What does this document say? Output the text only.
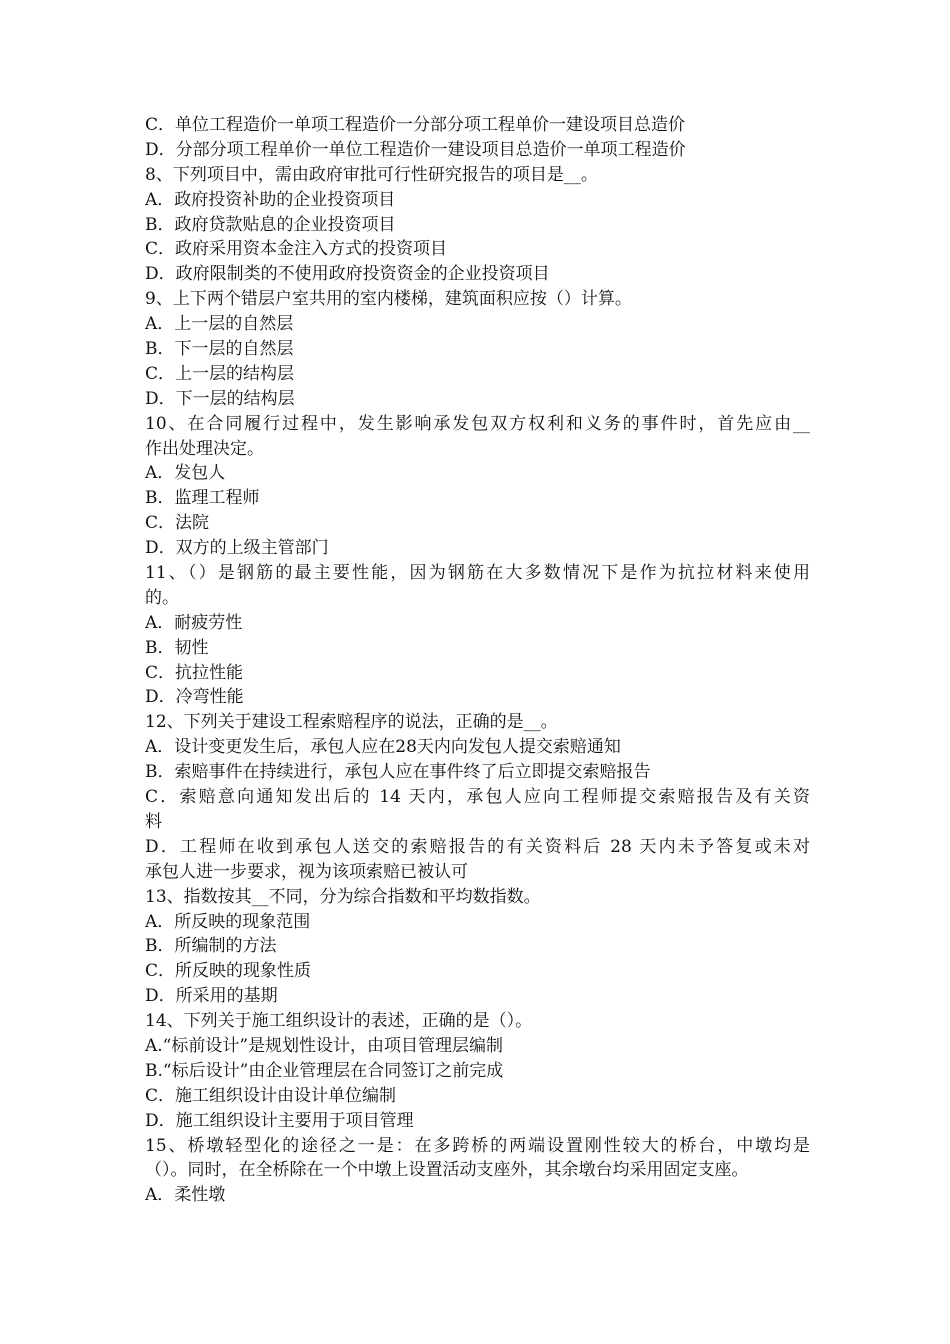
C．单位工程造价一单项工程造价一分部分项工程单价一建设项目总造价
D．分部分项工程单价一单位工程造价一建设项目总造价一单项工程造价
8、下列项目中，需由政府审批可行性研究报告的项目是__。
A．政府投资补助的企业投资项目
B．政府贷款贴息的企业投资项目
C．政府采用资本金注入方式的投资项目
D．政府限制类的不使用政府投资资金的企业投资项目
9、上下两个错层户室共用的室内楼梯，建筑面积应按（）计算。
A．上一层的自然层
B．下一层的自然层
C．上一层的结构层
D．下一层的结构层
10、在合同履行过程中，发生影响承发包双方权利和义务的事件时，首先应由__
作出处理决定。
A．发包人
B．监理工程师
C．法院
D．双方的上级主管部门
11、（）是钢筋的最主要性能，因为钢筋在大多数情况下是作为抗拉材料来使用
的。
A．耐疲劳性
B．韧性
C．抗拉性能
D．冷弯性能
12、下列关于建设工程索赔程序的说法，正确的是__。
A．设计变更发生后，承包人应在28天内向发包人提交索赔通知
B．索赔事件在持续进行，承包人应在事件终了后立即提交索赔报告
C．索赔意向通知发出后的 14 天内，承包人应向工程师提交索赔报告及有关资
料
D．工程师在收到承包人送交的索赔报告的有关资料后 28 天内未予答复或未对
承包人进一步要求，视为该项索赔已被认可
13、指数按其__不同，分为综合指数和平均数指数。
A．所反映的现象范围
B．所编制的方法
C．所反映的现象性质
D．所采用的基期
14、下列关于施工组织设计的表述，正确的是（）。
A.“标前设计”是规划性设计，由项目管理层编制
B.“标后设计”由企业管理层在合同签订之前完成
C．施工组织设计由设计单位编制
D．施工组织设计主要用于项目管理
15、桥墩轻型化的途径之一是：在多跨桥的两端设置刚性较大的桥台，中墩均是
（）。同时，在全桥除在一个中墩上设置活动支座外，其余墩台均采用固定支座。
A．柔性墩
